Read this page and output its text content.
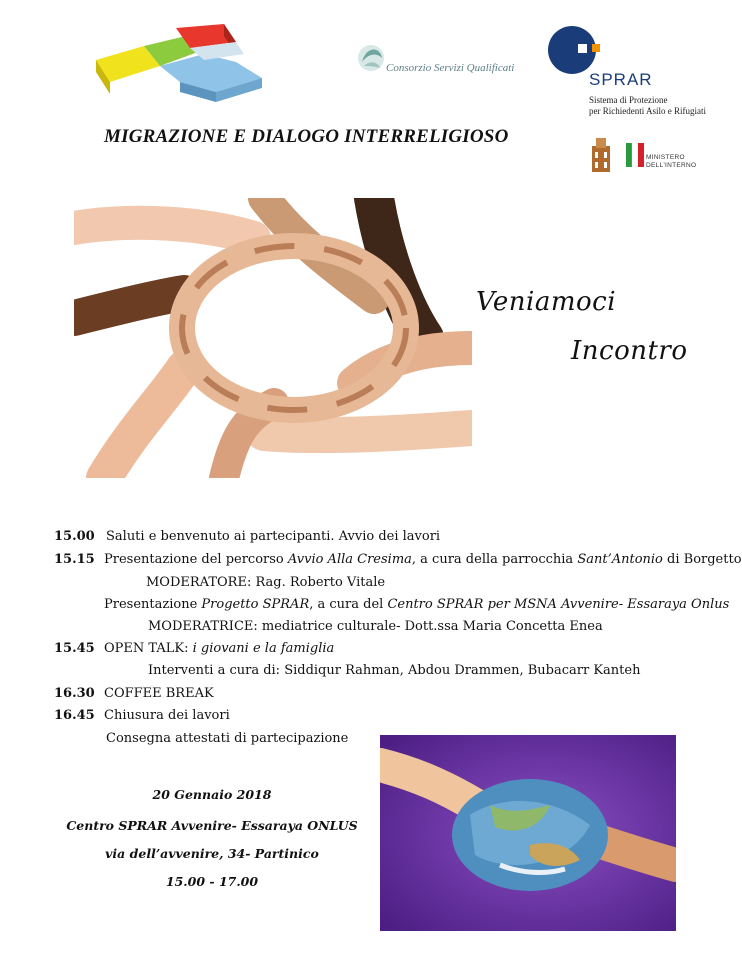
Consorzio Servizi Qualificati
SPRAR
Sistema di Protezione
per Richiedenti Asilo e Rifugiati
MINISTERO
DELL'INTERNO
MIGRAZIONE E DIALOGO INTERRELIGIOSO
Veniamoci
Incontro
15.00 Saluti e benvenuto ai partecipanti. Avvio dei lavori
15.15 Presentazione del percorso Avvio Alla Cresima, a cura della parrocchia Sant’Antonio di Borgetto
MODERATORE: Rag. Roberto Vitale
Presentazione Progetto SPRAR, a cura del Centro SPRAR per MSNA Avvenire- Essaraya Onlus
MODERATRICE: mediatrice culturale- Dott.ssa Maria Concetta Enea
15.45 OPEN TALK: i giovani e la famiglia
Interventi a cura di: Siddiqur Rahman, Abdou Drammen, Bubacarr Kanteh
16.30 COFFEE BREAK
16.45 Chiusura dei lavori
Consegna attestati di partecipazione
20 Gennaio 2018
Centro SPRAR Avvenire- Essaraya ONLUS
via dell’avvenire, 34- Partinico
15.00 - 17.00
